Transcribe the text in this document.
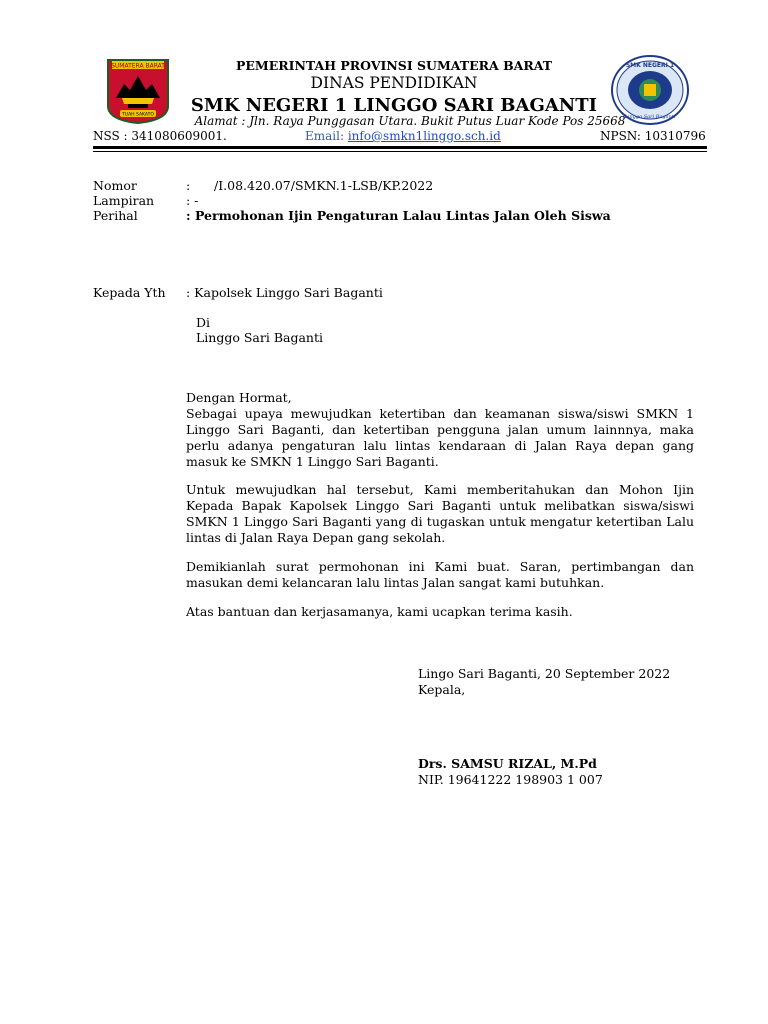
SUMATERA BARAT
TUAH SAKATO
SMK NEGERI 1
Linggo Sari Baganti
PEMERINTAH PROVINSI SUMATERA BARAT
DINAS PENDIDIKAN
SMK NEGERI 1 LINGGO SARI BAGANTI
Alamat : Jln. Raya Punggasan Utara. Bukit Putus Luar Kode Pos 25668
NSS : 341080609001.	Email: info@smkn1linggo.sch.id	NPSN: 10310796
Nomor	: /I.08.420.07/SMKN.1-LSB/KP.2022
Lampiran	: -
Perihal	: Permohonan Ijin Pengaturan Lalau Lintas Jalan Oleh Siswa
Kepada Yth : Kapolsek Linggo Sari Baganti
Di
Linggo Sari Baganti
Dengan Hormat,
Sebagai upaya mewujudkan ketertiban dan keamanan siswa/siswi SMKN 1 Linggo Sari Baganti, dan ketertiban pengguna jalan umum lainnnya, maka perlu adanya pengaturan lalu lintas kendaraan di Jalan Raya depan gang masuk ke SMKN 1 Linggo Sari Baganti.
Untuk mewujudkan hal tersebut, Kami memberitahukan dan Mohon Ijin Kepada Bapak Kapolsek Linggo Sari Baganti untuk melibatkan siswa/siswi SMKN 1 Linggo Sari Baganti yang di tugaskan untuk mengatur ketertiban Lalu lintas di Jalan Raya Depan gang sekolah.
Demikianlah surat permohonan ini Kami buat. Saran, pertimbangan dan masukan demi kelancaran lalu lintas Jalan sangat kami butuhkan.
Atas bantuan dan kerjasamanya, kami ucapkan terima kasih.
Lingo Sari Baganti, 20 September 2022
Kepala,
Drs. SAMSU RIZAL, M.Pd
NIP. 19641222 198903 1 007
